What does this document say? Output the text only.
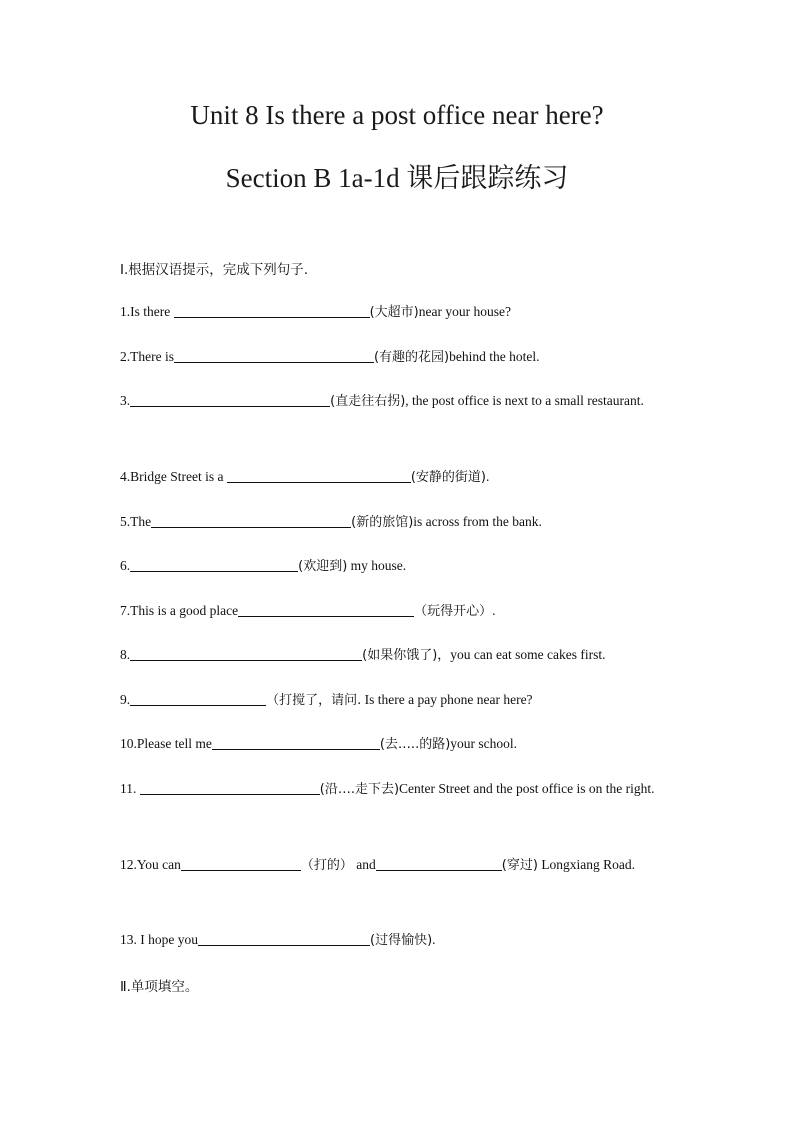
Unit 8 Is there a post office near here?
Section B 1a-1d 课后跟踪练习
Ⅰ.根据汉语提示，完成下列句子.
1.Is there	(大超市)near your house?
2.There is	(有趣的花园)behind the hotel.
3.	(直走往右拐), the post office is next to a small restaurant.
4.Bridge Street is a	(安静的街道).
5.The	(新的旅馆)is across from the bank.
6.	(欢迎到) my house.
7.This is a good place	（玩得开心）.
8.	(如果你饿了)，you can eat some cakes first.
9.	（打搅了，请问. Is there a pay phone near here?
10.Please tell me	(去…..的路)your school.
11.	(沿….走下去)Center Street and the post office is on the right.
12.You can	（打的） and	(穿过) Longxiang Road.
13. I hope you	(过得愉快).
Ⅱ.单项填空。
